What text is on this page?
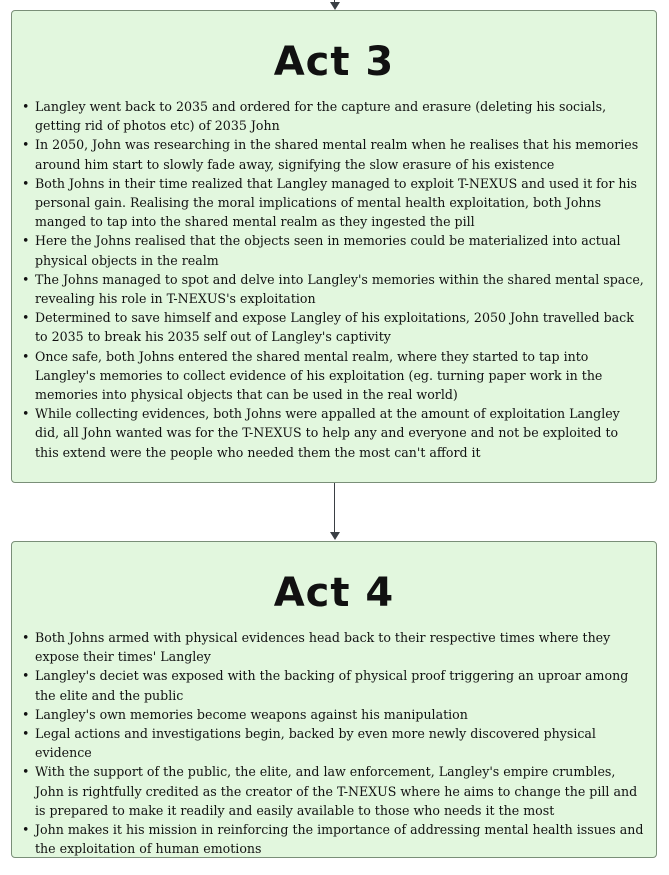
Act 3
• Langley went back to 2035 and ordered for the capture and erasure (deleting his socials, getting rid of photos etc) of 2035 John
• In 2050, John was researching in the shared mental realm when he realises that his memories around him start to slowly fade away, signifying the slow erasure of his existence
• Both Johns in their time realized that Langley managed to exploit T-NEXUS and used it for his personal gain. Realising the moral implications of mental health exploitation, both Johns manged to tap into the shared mental realm as they ingested the pill
• Here the Johns realised that the objects seen in memories could be materialized into actual physical objects in the realm
• The Johns managed to spot and delve into Langley's memories within the shared mental space, revealing his role in T-NEXUS's exploitation
• Determined to save himself and expose Langley of his exploitations, 2050 John travelled back to 2035 to break his 2035 self out of Langley's captivity
• Once safe, both Johns entered the shared mental realm, where they started to tap into Langley's memories to collect evidence of his exploitation (eg. turning paper work in the memories into physical objects that can be used in the real world)
• While collecting evidences, both Johns were appalled at the amount of exploitation Langley did, all John wanted was for the T-NEXUS to help any and everyone and not be exploited to this extend were the people who needed them the most can't afford it
Act 4
• Both Johns armed with physical evidences head back to their respective times where they expose their times' Langley
• Langley's deciet was exposed with the backing of physical proof triggering an uproar among the elite and the public
• Langley's own memories become weapons against his manipulation
• Legal actions and investigations begin, backed by even more newly discovered physical evidence
• With the support of the public, the elite, and law enforcement, Langley's empire crumbles, John is rightfully credited as the creator of the T-NEXUS where he aims to change the pill and is prepared to make it readily and easily available to those who needs it the most
• John makes it his mission in reinforcing the importance of addressing mental health issues and the exploitation of human emotions
